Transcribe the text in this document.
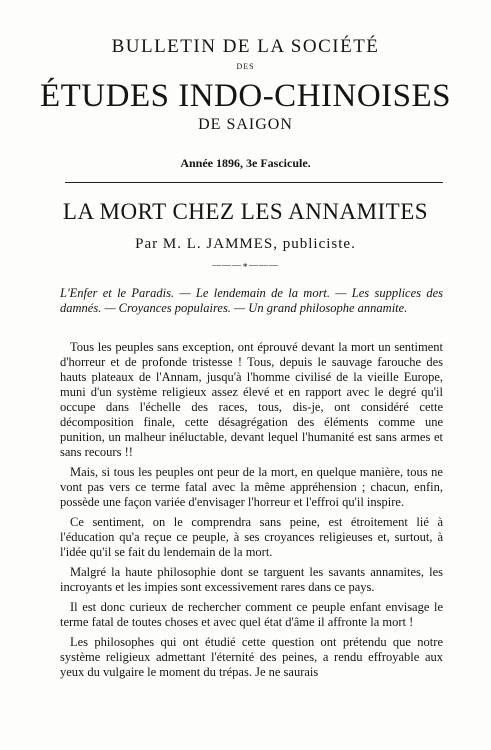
BULLETIN DE LA SOCIÉTÉ
DES
ÉTUDES INDO-CHINOISES
DE SAIGON
Année 1896, 3e Fascicule.
LA MORT CHEZ LES ANNAMITES
Par M. L. JAMMES, publiciste.
———∗———

L'Enfer et le Paradis. — Le lendemain de la mort. — Les supplices des damnés. — Croyances populaires. — Un grand philosophe annamite.

Tous les peuples sans exception, ont éprouvé devant la mort un sentiment d'horreur et de profonde tristesse ! Tous, depuis le sauvage farouche des hauts plateaux de l'Annam, jusqu'à l'homme civilisé de la vieille Europe, muni d'un système religieux assez élevé et en rapport avec le degré qu'il occupe dans l'échelle des races, tous, dis-je, ont considéré cette décomposition finale, cette désagrégation des éléments comme une punition, un malheur inéluctable, devant lequel l'humanité est sans armes et sans recours !!

Mais, si tous les peuples ont peur de la mort, en quelque manière, tous ne vont pas vers ce terme fatal avec la même appréhension ; chacun, enfin, possède une façon variée d'envisager l'horreur et l'effroi qu'il inspire.

Ce sentiment, on le comprendra sans peine, est étroitement lié à l'éducation qu'a reçue ce peuple, à ses croyances religieuses et, surtout, à l'idée qu'il se fait du lendemain de la mort.

Malgré la haute philosophie dont se targuent les savants annamites, les incroyants et les impies sont excessivement rares dans ce pays.

Il est donc curieux de rechercher comment ce peuple enfant envisage le terme fatal de toutes choses et avec quel état d'âme il affronte la mort !

Les philosophes qui ont étudié cette question ont prétendu que notre système religieux admettant l'éternité des peines, a rendu effroyable aux yeux du vulgaire le moment du trépas. Je ne saurais
